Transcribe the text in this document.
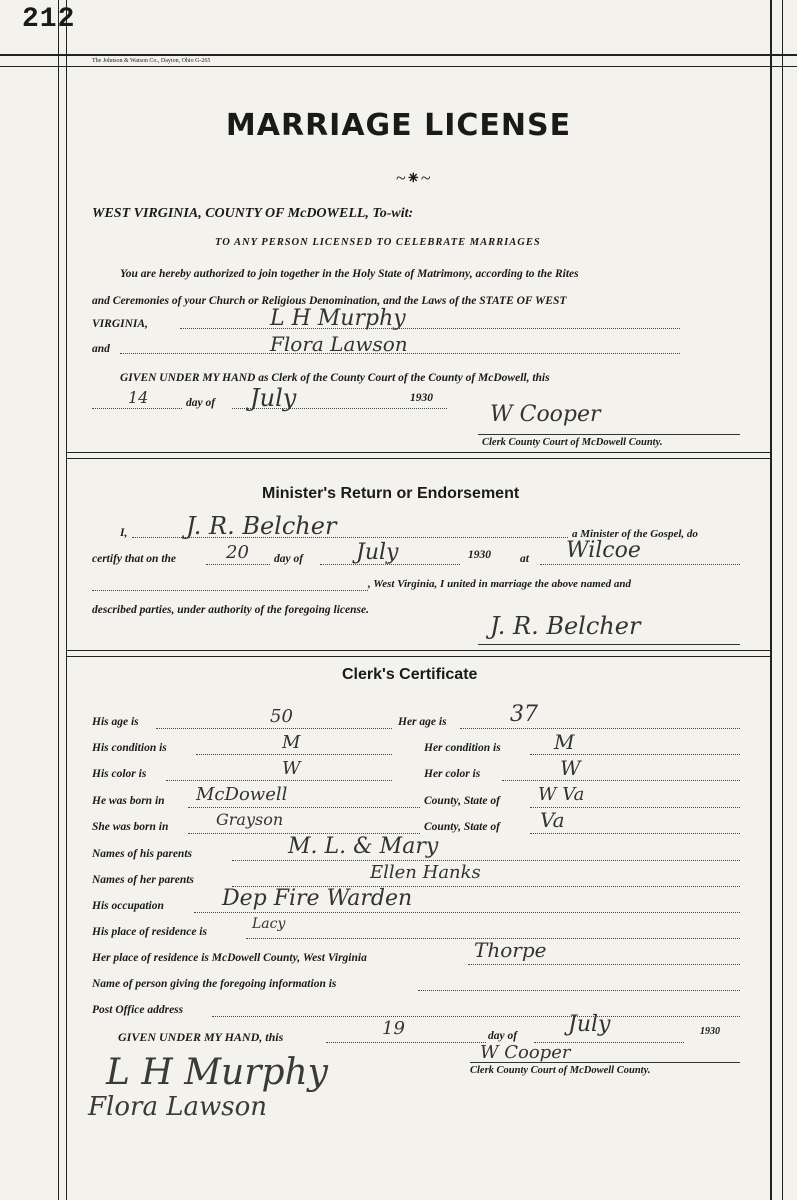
212
The Johnson & Watson Co., Dayton, Ohio G-265
MARRIAGE LICENSE
~⁕~
WEST VIRGINIA, COUNTY OF McDOWELL, To-wit:
TO ANY PERSON LICENSED TO CELEBRATE MARRIAGES
You are hereby authorized to join together in the Holy State of Matrimony, according to the Rites
and Ceremonies of your Church or Religious Denomination, and the Laws of the STATE OF WEST
VIRGINIA,	L H Murphy
and	Flora Lawson
GIVEN UNDER MY HAND as Clerk of the County Court of the County of McDowell, this
14	day of July	1930
W Cooper
Clerk County Court of McDowell County.
Minister's Return or Endorsement
I, J. R. Belcher	a Minister of the Gospel, do
certify that on the	20 day of July	1930	at Wilcoe
, West Virginia, I united in marriage the above named and
described parties, under authority of the foregoing license.
J. R. Belcher
Clerk's Certificate
His age is	50	Her age is	37
His condition is	M	Her condition is	M
His color is	W	Her color is	W
He was born in McDowell	County, State of W Va
She was born in	Grayson	County, State of Va
Names of his parents	M. L. & Mary
Names of her parents	Ellen Hanks
His occupation	Dep Fire Warden
His place of residence is	Lacy
Her place of residence is McDowell County, West Virginia	Thorpe
Name of person giving the foregoing information is
Post Office address
GIVEN UNDER MY HAND, this	19	day of July	1930
W Cooper
Clerk County Court of McDowell County.
L H Murphy
Flora Lawson
